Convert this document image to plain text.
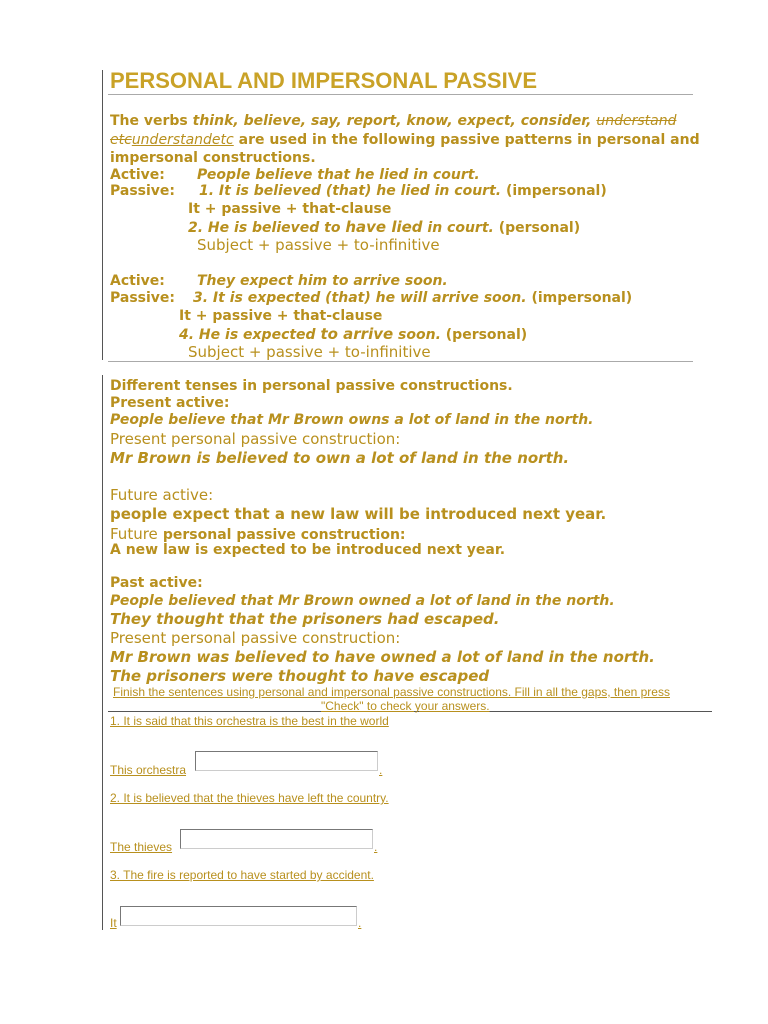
PERSONAL AND IMPERSONAL PASSIVE
The verbs think, believe, say, report, know, expect, consider, understand
etcunderstandetc are used in the following passive patterns in personal and
impersonal constructions.
Active: People believe that he lied in court.
Passive: 1. It is believed (that) he lied in court. (impersonal)
It + passive + that-clause
2. He is believed to have lied in court. (personal)
Subject + passive + to-infinitive
Active: They expect him to arrive soon.
Passive: 3. It is expected (that) he will arrive soon. (impersonal)
It + passive + that-clause
4. He is expected to arrive soon. (personal)
Subject + passive + to-infinitive
Different tenses in personal passive constructions.
Present active:
People believe that Mr Brown owns a lot of land in the north.
Present personal passive construction:
Mr Brown is believed to own a lot of land in the north.
Future active:
people expect that a new law will be introduced next year.
Future personal passive construction:
A new law is expected to be introduced next year.
Past active:
People believed that Mr Brown owned a lot of land in the north.
They thought that the prisoners had escaped.
Present personal passive construction:
Mr Brown was believed to have owned a lot of land in the north.
The prisoners were thought to have escaped
Finish the sentences using personal and impersonal passive constructions. Fill in all the gaps, then press
"Check" to check your answers.
1. It is said that this orchestra is the best in the world
This orchestra	.
2. It is believed that the thieves have left the country.
The thieves	.
3. The fire is reported to have started by accident.
It	.
